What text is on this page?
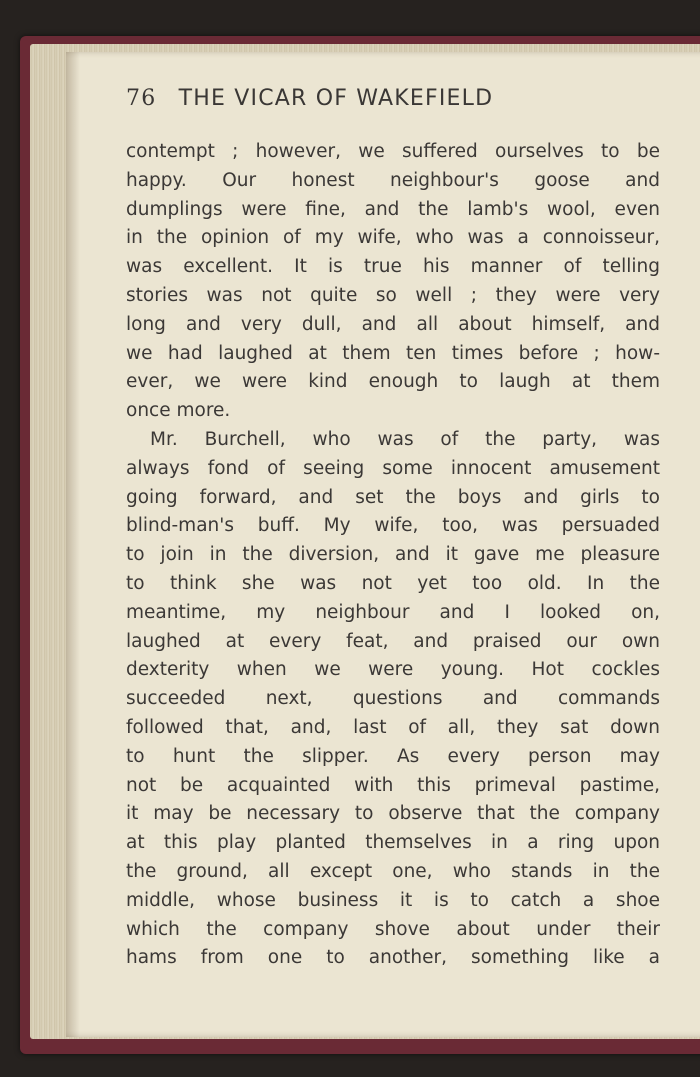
76 THE VICAR OF WAKEFIELD
contempt ; however, we suffered ourselves to be
happy. Our honest neighbour's goose and
dumplings were fine, and the lamb's wool, even
in the opinion of my wife, who was a connoisseur,
was excellent. It is true his manner of telling
stories was not quite so well ; they were very
long and very dull, and all about himself, and
we had laughed at them ten times before ; how-
ever, we were kind enough to laugh at them
once more.
Mr. Burchell, who was of the party, was
always fond of seeing some innocent amusement
going forward, and set the boys and girls to
blind-man's buff. My wife, too, was persuaded
to join in the diversion, and it gave me pleasure
to think she was not yet too old. In the
meantime, my neighbour and I looked on,
laughed at every feat, and praised our own
dexterity when we were young. Hot cockles
succeeded next, questions and commands
followed that, and, last of all, they sat down
to hunt the slipper. As every person may
not be acquainted with this primeval pastime,
it may be necessary to observe that the company
at this play planted themselves in a ring upon
the ground, all except one, who stands in the
middle, whose business it is to catch a shoe
which the company shove about under their
hams from one to another, something like a
